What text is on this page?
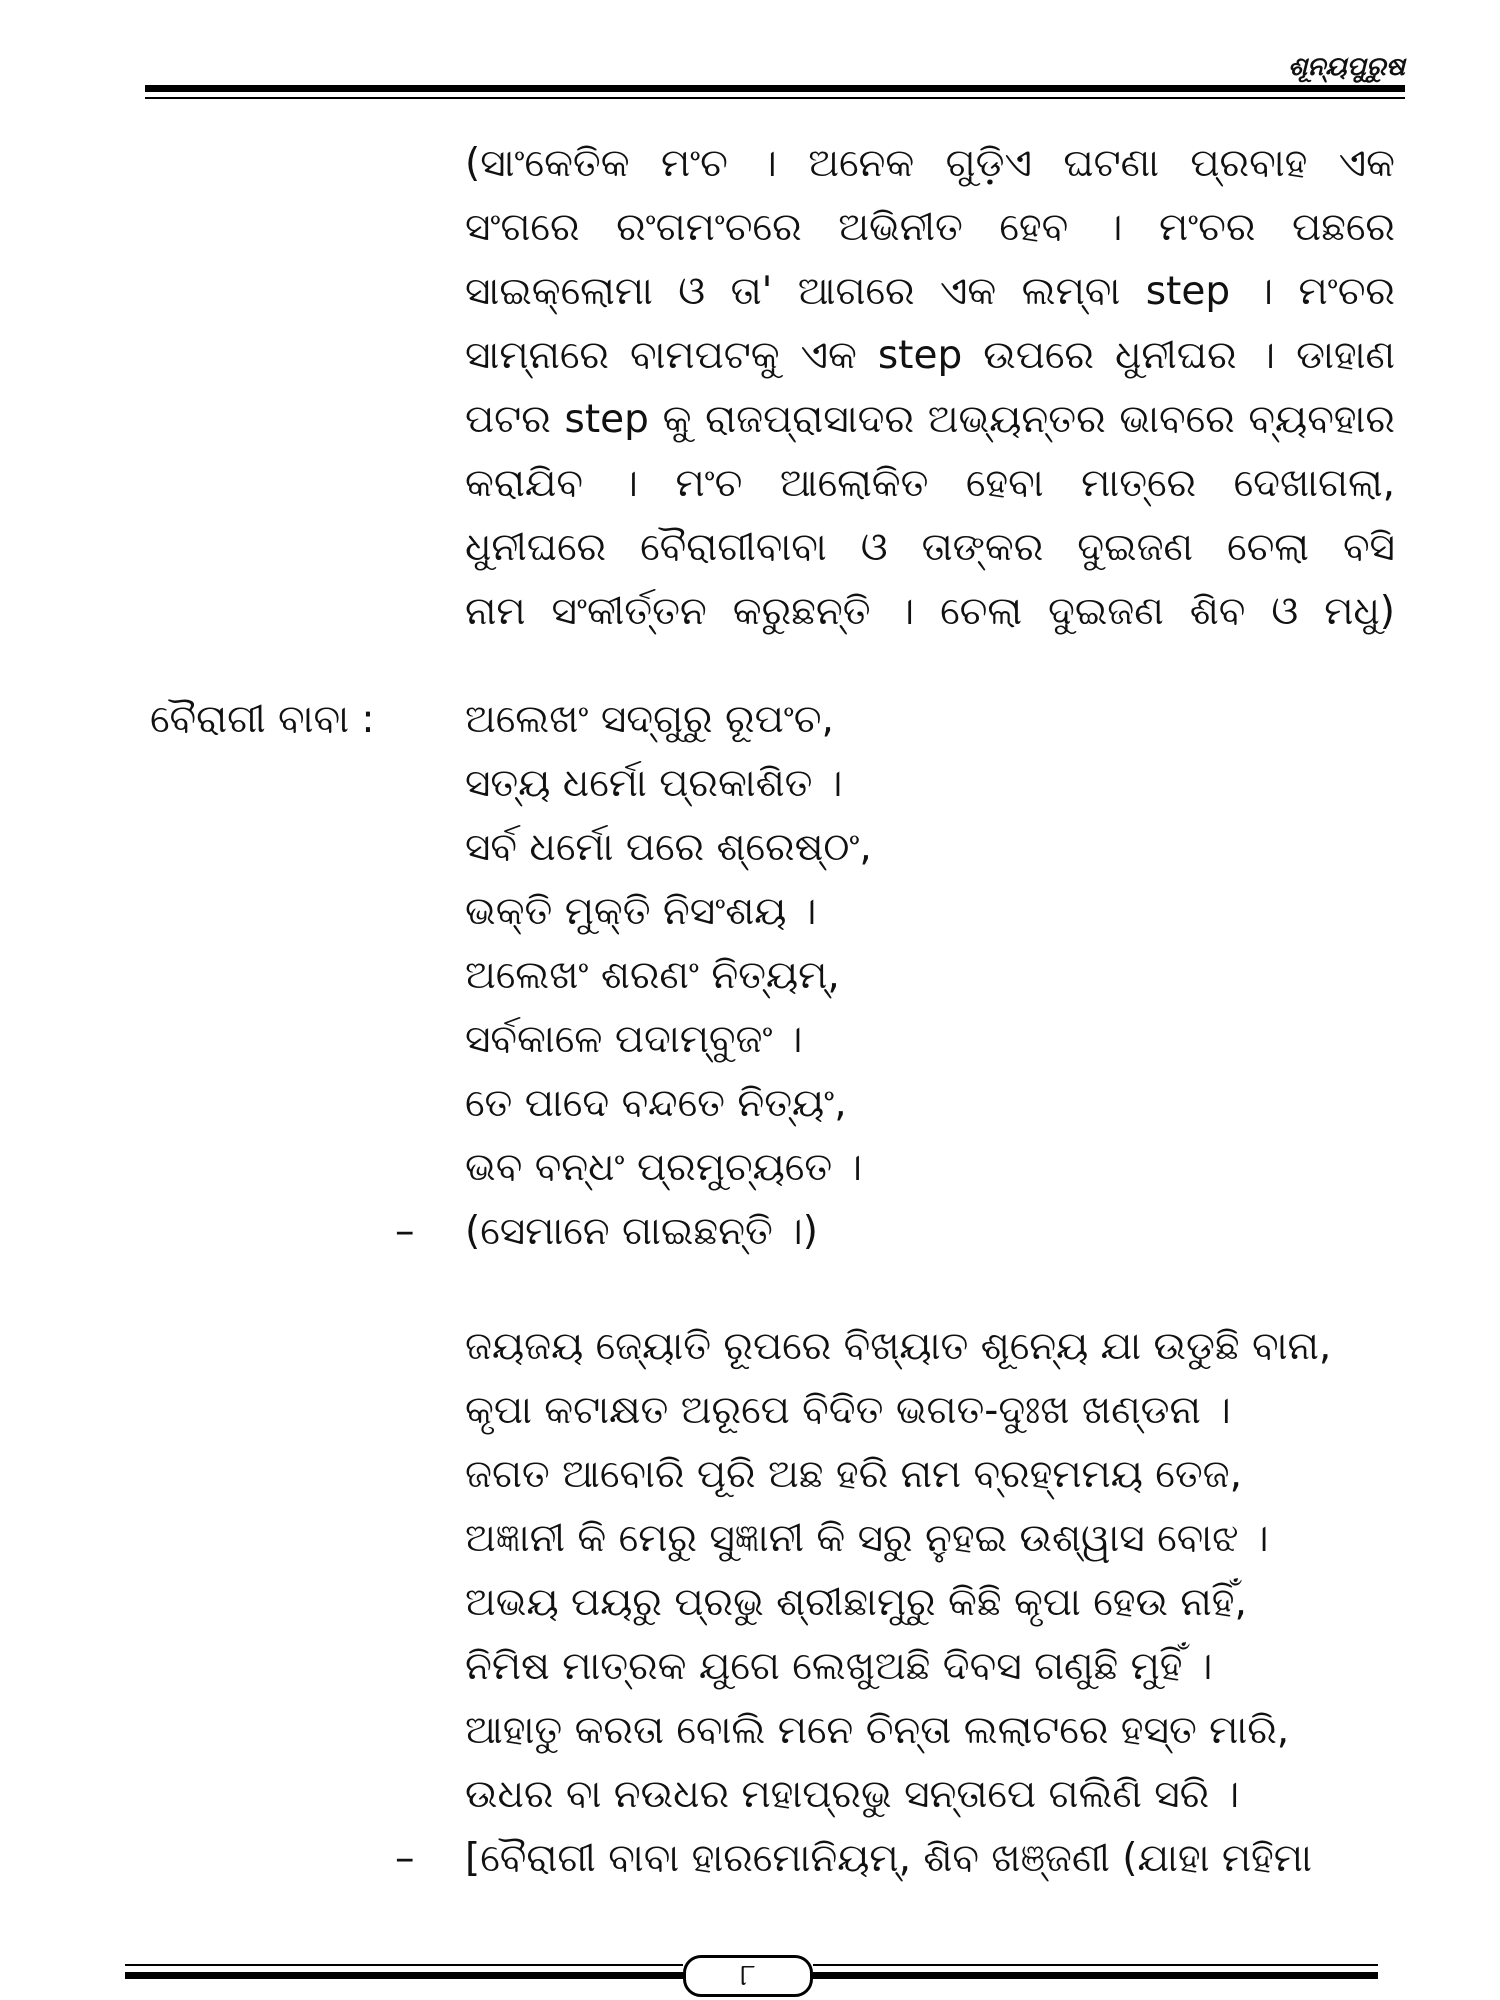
ଶୂନ୍ୟପୁରୁଷ
(ସାଂକେତିକ ମଂଚ । ଅନେକ ଗୁଡ଼ିଏ ଘଟଣା ପ୍ରବାହ ଏକ
ସଂଗରେ ରଂଗମଂଚରେ ଅଭିନୀତ ହେବ । ମଂଚର ପଛରେ
ସାଇକ୍ଲୋମା ଓ ତା' ଆଗରେ ଏକ ଲମ୍ବା step । ମଂଚର
ସାମ୍ନାରେ ବାମପଟକୁ ଏକ step ଉପରେ ଧୁନୀଘର । ଡାହାଣ
ପଟର step କୁ ରାଜପ୍ରାସାଦର ଅଭ୍ୟନ୍ତର ଭାବରେ ବ୍ୟବହାର
କରାଯିବ । ମଂଚ ଆଲୋକିତ ହେବା ମାତ୍ରେ ଦେଖାଗଲା,
ଧୁନୀଘରେ ବୈରାଗୀବାବା ଓ ତାଙ୍କର ଦୁଇଜଣ ଚେଲା ବସି
ନାମ ସଂକୀର୍ତ୍ତନ କରୁଛନ୍ତି । ଚେଲା ଦୁଇଜଣ ଶିବ ଓ ମଧୁ)
ବୈରାଗୀ ବାବା : ଅଲେଖଂ ସଦ୍‌ଗୁରୁ ରୂପଂଚ,
ସତ୍ୟ ଧର୍ମୋ ପ୍ରକାଶିତ ।
ସର୍ବ ଧର୍ମୋ ପରେ ଶ୍ରେଷ୍ଠଂ,
ଭକ୍ତି ମୁକ୍ତି ନିସଂଶୟ ।
ଅଲେଖଂ ଶରଣଂ ନିତ୍ୟମ୍,
ସର୍ବକାଳେ ପଦାମ୍ବୁଜଂ ।
ତେ ପାଦେ ବନ୍ଦତେ ନିତ୍ୟଂ,
ଭବ ବନ୍ଧଂ ପ୍ରମୁଚ୍ୟତେ ।
– (ସେମାନେ ଗାଇଛନ୍ତି ।)
ଜୟଜୟ ଜ୍ୟୋତି ରୂପରେ ବିଖ୍ୟାତ ଶୂନ୍ୟେ ଯା ଉଡୁଛି ବାନା,
କୃପା କଟାକ୍ଷତ ଅରୂପେ ବିଦିତ ଭଗତ-ଦୁଃଖ ଖଣ୍ଡନା ।
ଜଗତ ଆବୋରି ପୂରି ଅଛ ହରି ନାମ ବ୍ରହ୍ମମୟ ତେଜ,
ଅଜ୍ଞାନୀ କି ମେରୁ ସୁଜ୍ଞାନୀ କି ସରୁ ନୁହଇ ଉଶ୍ୱାସ ବୋଝ ।
ଅଭୟ ପୟରୁ ପ୍ରଭୁ ଶ୍ରୀଛାମୁରୁ କିଛି କୃପା ହେଉ ନାହିଁ,
ନିମିଷ ମାତ୍ରକ ଯୁଗେ ଲେଖୁଅଛି ଦିବସ ଗଣୁଛି ମୁହିଁ ।
ଆହାତୁ କରତା ବୋଲି ମନେ ଚିନ୍ତା ଲଲାଟରେ ହସ୍ତ ମାରି,
ଉଧର ବା ନଉଧର ମହାପ୍ରଭୁ ସନ୍ତାପେ ଗଲିଣି ସରି ।
– [ବୈରାଗୀ ବାବା ହାରମୋନିୟମ୍, ଶିବ ଖଞ୍ଜଣୀ (ଯାହା ମହିମା
୮
